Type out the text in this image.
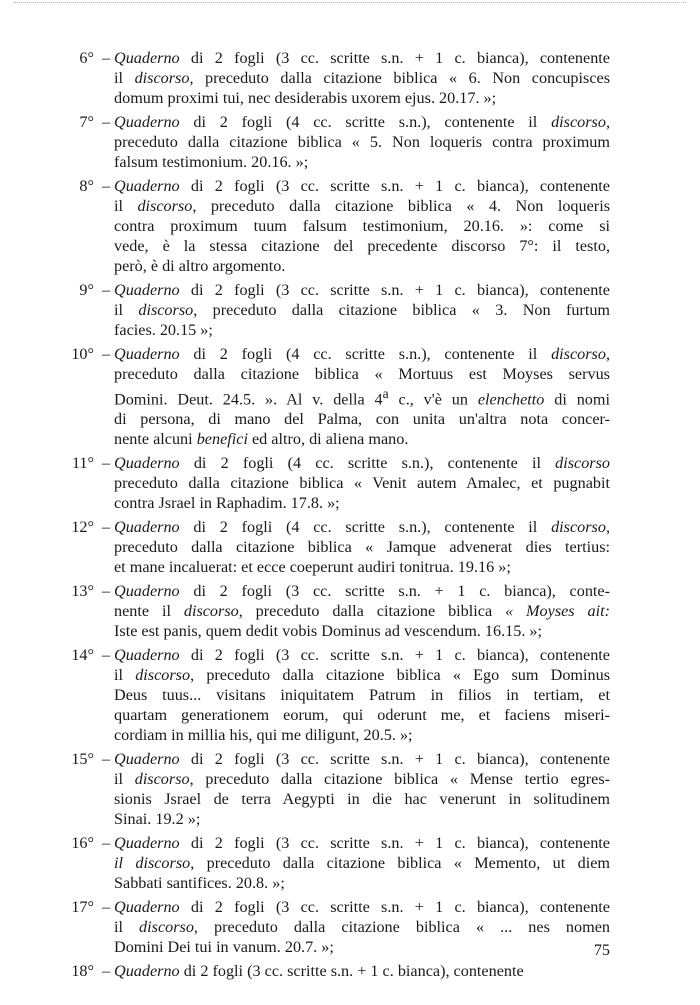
6° – Quaderno di 2 fogli (3 cc. scritte s.n. + 1 c. bianca), contenente
il discorso, preceduto dalla citazione biblica « 6. Non concupisces
domum proximi tui, nec desiderabis uxorem ejus. 20.17. »;
7° – Quaderno di 2 fogli (4 cc. scritte s.n.), contenente il discorso,
preceduto dalla citazione biblica « 5. Non loqueris contra proximum
falsum testimonium. 20.16. »;
8° – Quaderno di 2 fogli (3 cc. scritte s.n. + 1 c. bianca), contenente
il discorso, preceduto dalla citazione biblica « 4. Non loqueris
contra proximum tuum falsum testimonium, 20.16. »: come si
vede, è la stessa citazione del precedente discorso 7°: il testo,
però, è di altro argomento.
9° – Quaderno di 2 fogli (3 cc. scritte s.n. + 1 c. bianca), contenente
il discorso, preceduto dalla citazione biblica « 3. Non furtum
facies. 20.15 »;
10° – Quaderno di 2 fogli (4 cc. scritte s.n.), contenente il discorso,
preceduto dalla citazione biblica « Mortuus est Moyses servus
Domini. Deut. 24.5. ». Al v. della 4$^a$ c., v'è un elenchetto di nomi
di persona, di mano del Palma, con unita un'altra nota concer-
nente alcuni benefici ed altro, di aliena mano.
11° – Quaderno di 2 fogli (4 cc. scritte s.n.), contenente il discorso
preceduto dalla citazione biblica « Venit autem Amalec, et pugnabit
contra Jsrael in Raphadim. 17.8. »;
12° – Quaderno di 2 fogli (4 cc. scritte s.n.), contenente il discorso,
preceduto dalla citazione biblica « Jamque advenerat dies tertius:
et mane incaluerat: et ecce coeperunt audiri tonitrua. 19.16 »;
13° – Quaderno di 2 fogli (3 cc. scritte s.n. + 1 c. bianca), conte-
nente il discorso, preceduto dalla citazione biblica « Moyses ait:
Iste est panis, quem dedit vobis Dominus ad vescendum. 16.15. »;
14° – Quaderno di 2 fogli (3 cc. scritte s.n. + 1 c. bianca), contenente
il discorso, preceduto dalla citazione biblica « Ego sum Dominus
Deus tuus... visitans iniquitatem Patrum in filios in tertiam, et
quartam generationem eorum, qui oderunt me, et faciens miseri-
cordiam in millia his, qui me diligunt, 20.5. »;
15° – Quaderno di 2 fogli (3 cc. scritte s.n. + 1 c. bianca), contenente
il discorso, preceduto dalla citazione biblica « Mense tertio egres-
sionis Jsrael de terra Aegypti in die hac venerunt in solitudinem
Sinai. 19.2 »;
16° – Quaderno di 2 fogli (3 cc. scritte s.n. + 1 c. bianca), contenente
il discorso, preceduto dalla citazione biblica « Memento, ut diem
Sabbati santifices. 20.8. »;
17° – Quaderno di 2 fogli (3 cc. scritte s.n. + 1 c. bianca), contenente
il discorso, preceduto dalla citazione biblica « ... nes nomen
Domini Dei tui in vanum. 20.7. »;
18° – Quaderno di 2 fogli (3 cc. scritte s.n. + 1 c. bianca), contenente
75
